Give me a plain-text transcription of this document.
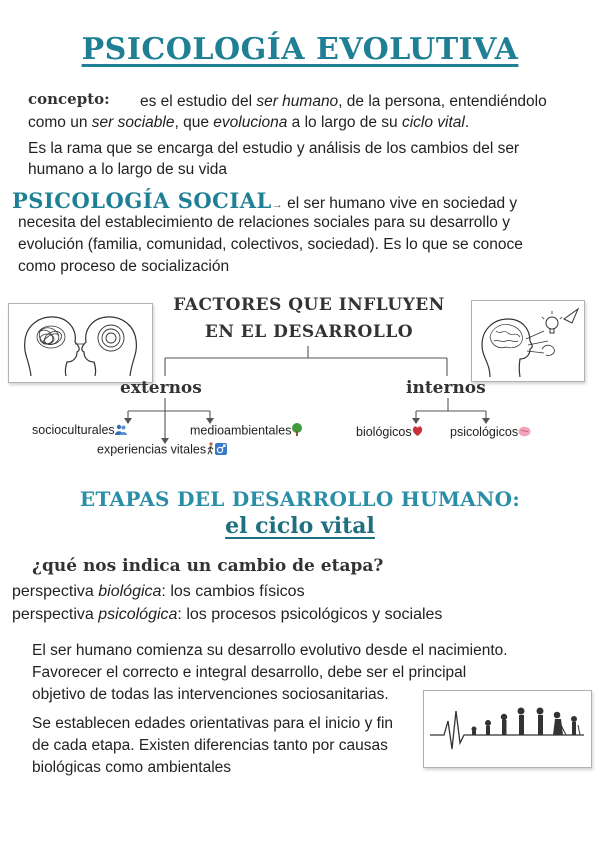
PSICOLOGÍA EVOLUTIVA
concepto: es el estudio del ser humano, de la persona, entendiéndolo
como un ser sociable, que evoluciona a lo largo de su ciclo vital.
Es la rama que se encarga del estudio y análisis de los cambios del ser
humano a lo largo de su vida
PSICOLOGÍA SOCIAL→ el ser humano vive en sociedad y
necesita del establecimiento de relaciones sociales para su desarrollo y
evolución (familia, comunidad, colectivos, sociedad). Es lo que se conoce
como proceso de socialización
FACTORES QUE INFLUYEN
EN EL DESARROLLO
externos	internos
socioculturales	medioambientales
experiencias vitales
biológicos	psicológicos
ETAPAS DEL DESARROLLO HUMANO:
el ciclo vital
¿qué nos indica un cambio de etapa?
perspectiva biológica: los cambios físicos
perspectiva psicológica: los procesos psicológicos y sociales
El ser humano comienza su desarrollo evolutivo desde el nacimiento.
Favorecer el correcto e integral desarrollo, debe ser el principal
objetivo de todas las intervenciones sociosanitarias.
Se establecen edades orientativas para el inicio y fin
de cada etapa. Existen diferencias tanto por causas
biológicas como ambientales
